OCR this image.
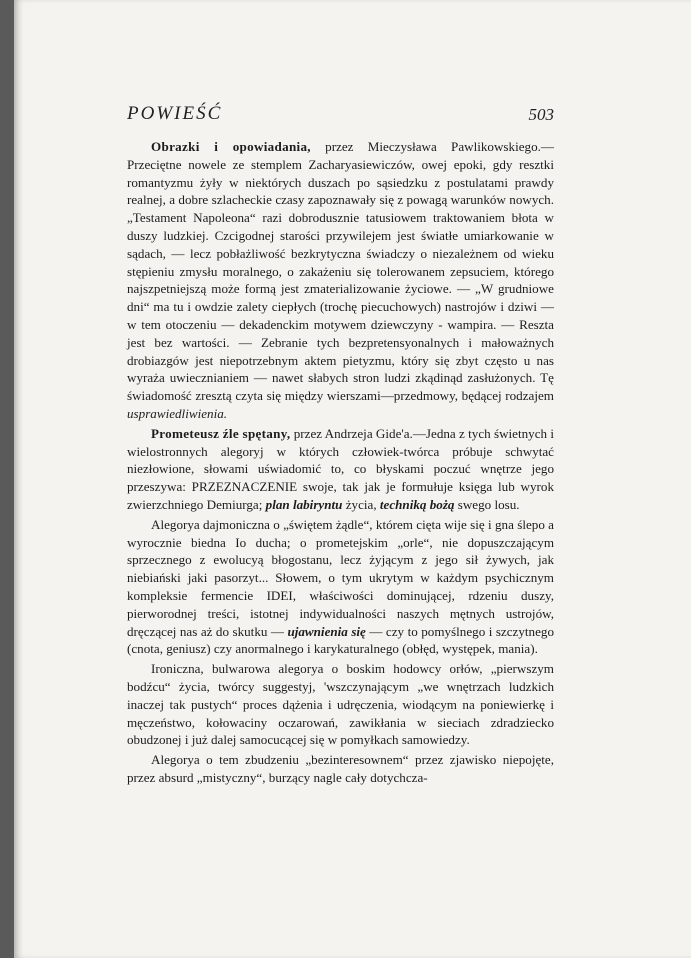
POWIEŚĆ	503

Obrazki i opowiadania, przez Mieczysława Pawlikowskiego.— Przeciętne nowele ze stemplem Zacharyasiewiczów, owej epoki, gdy resztki romantyzmu żyły w niektórych duszach po sąsiedzku z postulatami prawdy realnej, a dobre szlacheckie czasy zapoznawały się z powagą warunków nowych. „Testament Napoleona“ razi dobrodusznie tatusiowem traktowaniem błota w duszy ludzkiej. Czcigodnej starości przywilejem jest światłe umiarkowanie w sądach, — lecz pobłażliwość bezkrytyczna świadczy o niezależnem od wieku stępieniu zmysłu moralnego, o zakażeniu się tolerowanem zepsuciem, którego najszpetniejszą może formą jest zmaterializowanie życiowe. — „W grudniowe dni“ ma tu i owdzie zalety ciepłych (trochę piecuchowych) nastrojów i dziwi — w tem otoczeniu — dekadenckim motywem dziewczyny - wampira. — Reszta jest bez wartości. — Zebranie tych bezpretensyonalnych i małoważnych drobiazgów jest niepotrzebnym aktem pietyzmu, który się zbyt często u nas wyraża uwiecznianiem — nawet słabych stron ludzi zkądinąd zasłużonych. Tę świadomość zresztą czyta się między wierszami—przedmowy, będącej rodzajem usprawiedliwienia.

Prometeusz źle spętany, przez Andrzeja Gide'a.—Jedna z tych świetnych i wielostronnych alegoryj w których człowiek-twórca próbuje schwytać niezłowione, słowami uświadomić to, co błyskami poczuć wnętrze jego przeszywa: PRZEZNACZENIE swoje, tak jak je formułuje księga lub wyrok zwierzchniego Demiurga; plan labiryntu życia, techniką bożą swego losu.

Alegorya dajmoniczna o „świętem żądle“, którem cięta wije się i gna ślepo a wyrocznie biedna Io ducha; o prometejskim „orle“, nie dopuszczającym sprzecznego z ewolucyą błogostanu, lecz żyjącym z jego sił żywych, jak niebiański jaki pasorzyt... Słowem, o tym ukrytym w każdym psychicznym kompleksie fermencie IDEI, właściwości dominującej, rdzeniu duszy, pierworodnej treści, istotnej indywidualności naszych mętnych ustrojów, dręczącej nas aż do skutku — ujawnienia się — czy to pomyślnego i szczytnego (cnota, geniusz) czy anormalnego i karykaturalnego (obłęd, występek, mania).

Ironiczna, bulwarowa alegorya o boskim hodowcy orłów, „pierwszym bodźcu“ życia, twórcy suggestyj, 'wszczynającym „we wnętrzach ludzkich inaczej tak pustych“ proces dążenia i udręczenia, wiodącym na poniewierkę i męczeństwo, kołowaciny oczarowań, zawikłania w sieciach zdradziecko obudzonej i już dalej samocucącej się w pomyłkach samowiedzy.

Alegorya o tem zbudzeniu „bezinteresownem“ przez zjawisko niepojęte, przez absurd „mistyczny“, burzący nagle cały dotychcza-
